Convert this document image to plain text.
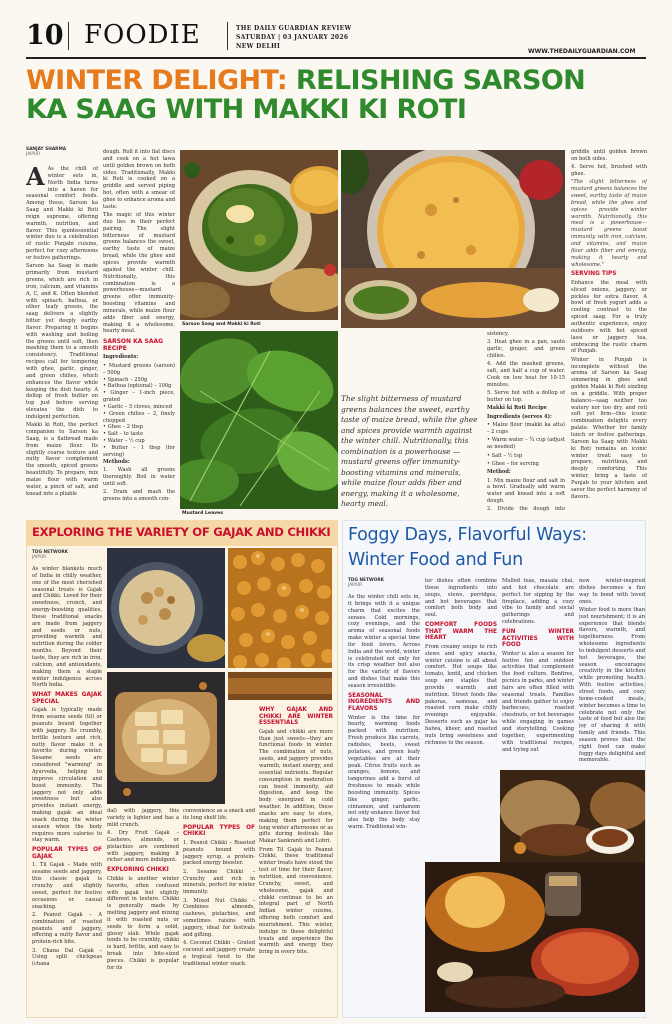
10 FOODIE	THE DAILY GUARDIAN REVIEW
SATURDAY | 03 JANUARY 2026
NEW DELHI
WWW.THEDAILYGUARDIAN.COM
WINTER DELIGHT: RELISHING SARSON
KA SAAG WITH MAKKI KI ROTI
SANJAY SHARMA
JAIPUR

A As the chill of winter sets in, North India turns into a haven for seasonal comfort foods. Among these, Sarson ka Saag and Makki ki Roti reign supreme, offering warmth, nutrition, and flavor. This quintessential winter duo is a celebration of rustic Punjabi cuisine, perfect for cozy afternoons or festive gatherings.

Sarson ka Saag is made primarily from mustard greens, which are rich in iron, calcium, and vitamins A, C, and K. Often blended with spinach, bathua, or other leafy greens, the saag delivers a slightly bitter yet deeply earthy flavor. Preparing it begins with washing and boiling the greens until soft, then mashing them to a smooth consistency. Traditional recipes call for tempering with ghee, garlic, ginger, and green chilies, which enhances the flavor while keeping the dish hearty. A dollop of fresh butter on top just before serving elevates the dish to indulgent perfection.

Makki ki Roti, the perfect companion to Sarson ka Saag, is a flatbread made from maize flour. Its slightly coarse texture and nutty flavor complement the smooth, spiced greens beautifully. To prepare, mix maize flour with warm water, a pinch of salt, and knead into a pliable

dough. Roll it into flat discs and cook on a hot tawa until golden brown on both sides. Traditionally, Makki ki Roti is cooked on a griddle and served piping hot, often with a smear of ghee to enhance aroma and taste.

The magic of this winter duo lies in their perfect pairing. The slight bitterness of mustard greens balances the sweet, earthy taste of maize bread, while the ghee and spices provide warmth against the winter chill. Nutritionally, this combination is a powerhouse—mustard greens offer immunity-boosting vitamins and minerals, while maize flour adds fiber and energy, making it a wholesome, hearty meal.

SARSON KA SAAG
RECIPE

Ingredients:

• Mustard greens (sarson) – 500g
• Spinach – 250g
• Bathua (optional) – 100g
• Ginger – 1-inch piece, grated
• Garlic – 5 cloves, minced
• Green chilies – 2, finely chopped
• Ghee – 2 tbsp
• Salt – to taste
• Water – ½ cup
• Butter – 1 tbsp (for serving)

Methods:

1. Wash all greens thoroughly. Boil in water until soft.

2. Drain and mash the greens into a smooth con-

Sarson Saag and Makki ki Roti
Mustard Leaves
The slight bitterness of mustard greens balances the sweet, earthy taste of maize bread, while the ghee and spices provide warmth against the winter chill. Nutritionally, this combination is a powerhouse — mustard greens offer immunity-boosting vitamins and minerals, while maize flour adds fiber and energy, making it a wholesome, hearty meal.

sistency.

3. Heat ghee in a pan, sauté garlic, ginger, and green chilies.

4. Add the mashed greens, salt, and half a cup of water. Cook on low heat for 10-15 minutes.

5. Serve hot with a dollop of butter on top.

Makki ki Roti Recipe

Ingredients (serves 4):

• Maize flour (makki ka atta) – 2 cups

• Warm water – ¾ cup (adjust as needed)

• Salt – ½ tsp

• Ghee – for serving

Method:

1. Mix maize flour and salt in a bowl. Gradually add warm water and knead into a soft dough.

2. Divide the dough into

griddle until golden brown on both sides.

4. Serve hot, brushed with ghee.

"The slight bitterness of mustard greens balances the sweet, earthy taste of maize bread, while the ghee and spices provide winter warmth. Nutritionally, this meal is a powerhouse—mustard greens boost immunity with iron, calcium, and vitamins, and maize flour adds fiber and energy, making it hearty and wholesome."

SERVING TIPS

Enhance the meal with sliced onions, jaggery, or pickles for extra flavor. A bowl of fresh yogurt adds a cooling contrast to the spiced saag. For a truly authentic experience, enjoy outdoors with hot spiced lassi or jaggery tea, embracing the rustic charm of Punjab.

Winter in Punjab is incomplete without the aroma of Sarson ka Saag simmering in ghee and golden Makki ki Roti sizzling on a griddle. With proper balance—saag neither too watery nor too dry, and roti soft yet firm—this iconic combination delights every palate. Whether for family lunch or festive gatherings, Sarson ka Saag with Makki ki Roti remains an iconic winter treat: easy to prepare, nutritious, and deeply comforting. This winter, bring a taste of Punjab to your kitchen and savor the perfect harmony of flavors.

EXPLORING THE VARIETY OF GAJAK AND CHIKKI
TDG NETWORK
JAIPUR

As winter blankets much of India in chilly weather, one of the most cherished seasonal treats is Gajak and Chikki. Loved for their sweetness, crunch, and energy-boosting qualities, these traditional snacks are made from jaggery and seeds or nuts, providing warmth and nutrition during the colder months. Beyond their taste, they are rich in iron, calcium, and antioxidants, making them a staple winter indulgence across North India.

WHAT MAKES GAJAK SPECIAL

Gajak is typically made from sesame seeds (til) or peanuts bound together with jaggery. Its crumbly, brittle texture and rich, nutty flavor make it a favorite during winter. Sesame seeds are considered "warming" in Ayurveda, helping to improve circulation and boost immunity. The jaggery not only adds sweetness but also provides instant energy, making gajak an ideal snack during the winter season when the body requires more calories to stay warm.

POPULAR TYPES OF GAJAK

1. Til Gajak – Made with sesame seeds and jaggery, this classic gajak is crunchy and slightly sweet, perfect for festive occasions or casual snacking.

2. Peanut Gajak – A combination of roasted peanuts and jaggery, offering a nutty flavor and protein-rich bite.

3. Chana Dal Gajak – Using split chickpeas (chana

dal) with jaggery, this variety is lighter and has a mild crunch.

4. Dry Fruit Gajak – Cashews, almonds, or pistachios are combined with jaggery, making it richer and more indulgent.

EXPLORING CHIKKI

Chikki is another winter favorite, often confused with gajak but slightly different in texture. Chikki is generally made by melting jaggery and mixing it with roasted nuts or seeds to form a solid, glossy slab. While gajak tends to be crumbly, chikki is hard, brittle, and easy to break into bite-sized pieces. Chikki is popular for its

convenience as a snack and its long shelf life.

POPULAR TYPES OF CHIKKI

1. Peanut Chikki – Roasted peanuts bound with jaggery syrup, a protein-packed energy booster.

2. Sesame Chikki – Crunchy and rich in minerals, perfect for winter immunity.

3. Mixed Nut Chikki – Combines almonds, cashews, pistachios, and sometimes raisins with jaggery, ideal for festivals and gifting.

4. Coconut Chikki – Grated coconut and jaggery create a tropical twist to the traditional winter snack.

WHY GAJAK AND CHIKKI ARE WINTER ESSENTIALS

Gajak and chikki are more than just sweets—they are functional foods in winter. The combination of nuts, seeds, and jaggery provides warmth, instant energy, and essential nutrients. Regular consumption in moderation can boost immunity, aid digestion, and keep the body energized in cold weather. In addition, these snacks are easy to store, making them perfect for long winter afternoons or as gifts during festivals like Makar Sankranti and Lohri.

From Til Gajak to Peanut Chikki, these traditional winter treats have stood the test of time for their flavor, nutrition, and convenience. Crunchy, sweet, and wholesome, gajak and chikki continue to be an integral part of North Indian winter cuisine, offering both comfort and nourishment. This winter, indulge in these delightful treats and experience the warmth and energy they bring in every bite.

Foggy Days, Flavorful Ways:
Winter Food and Fun
TDG NETWORK
JAIPUR

As the winter chill sets in, it brings with it a unique charm that excites the senses. Cold mornings, cozy evenings, and the aroma of seasonal foods make winter a special time for food lovers. Across India and the world, winter is celebrated not only for its crisp weather but also for the variety of flavors and dishes that make this season irresistible.

SEASONAL INGREDIENTS AND FLAVORS

Winter is the time for hearty, warming foods packed with nutrition. Fresh produce like carrots, radishes, beets, sweet potatoes, and green leafy vegetables are at their peak. Citrus fruits such as oranges, lemons, and tangerines add a burst of freshness to meals while boosting immunity. Spices like ginger, garlic, cinnamon, and cardamom not only enhance flavor but also help the body stay warm. Traditional win-

ter dishes often combine these ingredients into soups, stews, porridges, and hot beverages that comfort both body and soul.

COMFORT FOODS THAT WARM THE HEART

From creamy soups to rich stews and spicy snacks, winter cuisine is all about comfort. Hot soups like tomato, lentil, and chicken soup are staples that provide warmth and nutrition. Street foods like pakoras, samosas, and roasted corn make chilly evenings enjoyable. Desserts such as gajar ka halwa, kheer, and roasted nuts bring sweetness and richness to the season.

Mulled teas, masala chai, and hot chocolate are perfect for sipping by the fireplace, adding a cozy vibe to family and social gatherings and celebrations.

FUN WINTER ACTIVITIES WITH FOOD

Winter is also a season for festive fun and outdoor activities that complement the food culture. Bonfires, picnics in parks, and winter fairs are often filled with seasonal treats. Families and friends gather to enjoy barbecues, roasted chestnuts, or hot beverages while engaging in games and storytelling. Cooking together, experimenting with traditional recipes, and trying out

new winter-inspired dishes becomes a fun way to bond with loved ones.

Winter food is more than just nourishment; it is an experience that blends flavors, warmth, and togetherness. From wholesome ingredients to indulgent desserts and hot beverages, the season encourages creativity in the kitchen while promoting health. With festive activities, street foods, and cozy home-cooked meals, winter becomes a time to celebrate not only the taste of food but also the joy of sharing it with family and friends. This season proves that the right food can make foggy days delightful and memorable.
